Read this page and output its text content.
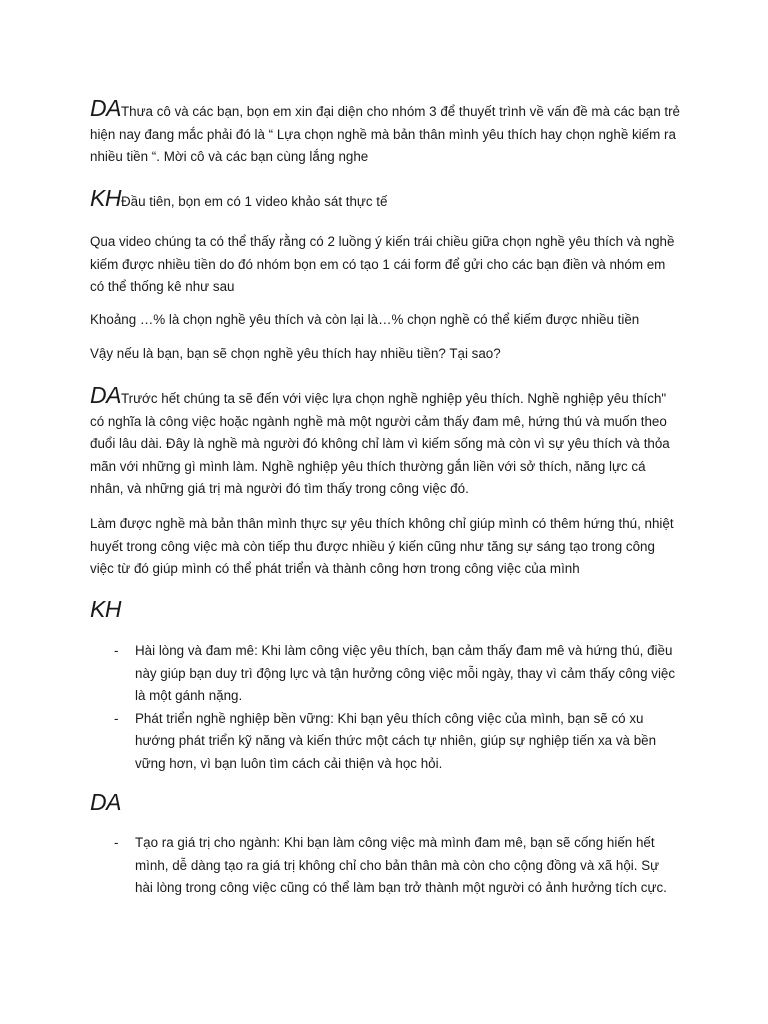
DAThưa cô và các bạn, bọn em xin đại diện cho nhóm 3 để thuyết trình về vấn đề mà các bạn trẻ hiện nay đang mắc phải đó là “ Lựa chọn nghề mà bản thân mình yêu thích hay chọn nghề kiếm ra nhiều tiền “. Mời cô và các bạn cùng lắng nghe

KHĐầu tiên, bọn em có 1 video khảo sát thực tế

Qua video chúng ta có thể thấy rằng có 2 luồng ý kiến trái chiều giữa chọn nghề yêu thích và nghề kiếm được nhiều tiền do đó nhóm bọn em có tạo 1 cái form để gửi cho các bạn điền và nhóm em có thể thống kê như sau

Khoảng …% là chọn nghề yêu thích và còn lại là…% chọn nghề có thể kiếm được nhiều tiền

Vậy nếu là bạn, bạn sẽ chọn nghề yêu thích hay nhiều tiền? Tại sao?

DATrước hết chúng ta sẽ đến với việc lựa chọn nghề nghiệp yêu thích. Nghề nghiệp yêu thích" có nghĩa là công việc hoặc ngành nghề mà một người cảm thấy đam mê, hứng thú và muốn theo đuổi lâu dài. Đây là nghề mà người đó không chỉ làm vì kiếm sống mà còn vì sự yêu thích và thỏa mãn với những gì mình làm. Nghề nghiệp yêu thích thường gắn liền với sở thích, năng lực cá nhân, và những giá trị mà người đó tìm thấy trong công việc đó.

Làm được nghề mà bản thân mình thực sự yêu thích không chỉ giúp mình có thêm hứng thú, nhiệt huyết trong công việc mà còn tiếp thu được nhiều ý kiến cũng như tăng sự sáng tạo trong công việc từ đó giúp mình có thể phát triển và thành công hơn trong công việc của mình

KH

- Hài lòng và đam mê: Khi làm công việc yêu thích, bạn cảm thấy đam mê và hứng thú, điều này giúp bạn duy trì động lực và tận hưởng công việc mỗi ngày, thay vì cảm thấy công việc là một gánh nặng.
- Phát triển nghề nghiệp bền vững: Khi bạn yêu thích công việc của mình, bạn sẽ có xu hướng phát triển kỹ năng và kiến thức một cách tự nhiên, giúp sự nghiệp tiến xa và bền vững hơn, vì bạn luôn tìm cách cải thiện và học hỏi.

DA

- Tạo ra giá trị cho ngành: Khi bạn làm công việc mà mình đam mê, bạn sẽ cống hiến hết mình, dễ dàng tạo ra giá trị không chỉ cho bản thân mà còn cho cộng đồng và xã hội. Sự hài lòng trong công việc cũng có thể làm bạn trở thành một người có ảnh hưởng tích cực.
